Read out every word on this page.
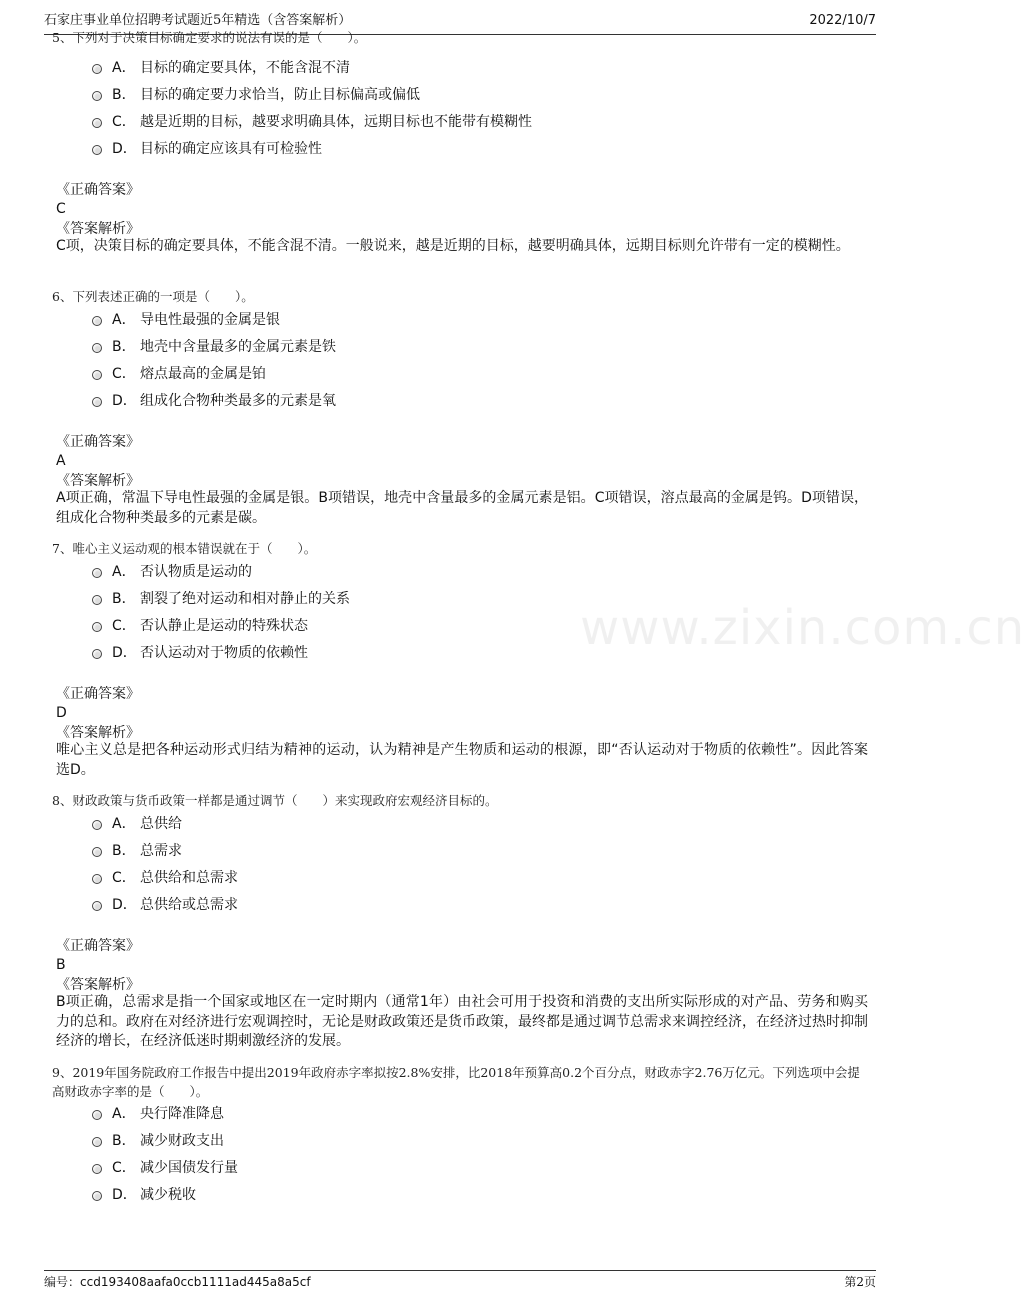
石家庄事业单位招聘考试题近5年精选（含答案解析）	2022/10/7
5、下列对于决策目标确定要求的说法有误的是（　　）。
A． 目标的确定要具体，不能含混不清
B． 目标的确定要力求恰当，防止目标偏高或偏低
C． 越是近期的目标，越要求明确具体，远期目标也不能带有模糊性
D． 目标的确定应该具有可检验性
《正确答案》
C
《答案解析》
C项，决策目标的确定要具体，不能含混不清。一般说来，越是近期的目标，越要明确具体，远期目标则允许带有一定的模糊性。
6、下列表述正确的一项是（　　）。
A． 导电性最强的金属是银
B． 地壳中含量最多的金属元素是铁
C． 熔点最高的金属是铂
D． 组成化合物种类最多的元素是氧
《正确答案》
A
《答案解析》
A项正确，常温下导电性最强的金属是银。B项错误，地壳中含量最多的金属元素是铝。C项错误，溶点最高的金属是钨。D项错误，组成化合物种类最多的元素是碳。
7、唯心主义运动观的根本错误就在于（　　）。
A． 否认物质是运动的
B． 割裂了绝对运动和相对静止的关系
C． 否认静止是运动的特殊状态
D． 否认运动对于物质的依赖性
《正确答案》
D
《答案解析》
唯心主义总是把各种运动形式归结为精神的运动，认为精神是产生物质和运动的根源，即“否认运动对于物质的依赖性”。因此答案选D。
8、财政政策与货币政策一样都是通过调节（　　）来实现政府宏观经济目标的。
A． 总供给
B． 总需求
C． 总供给和总需求
D． 总供给或总需求
《正确答案》
B
《答案解析》
B项正确，总需求是指一个国家或地区在一定时期内（通常1年）由社会可用于投资和消费的支出所实际形成的对产品、劳务和购买力的总和。政府在对经济进行宏观调控时，无论是财政政策还是货币政策，最终都是通过调节总需求来调控经济，在经济过热时抑制经济的增长，在经济低迷时期刺激经济的发展。
9、2019年国务院政府工作报告中提出2019年政府赤字率拟按2.8%安排，比2018年预算高0.2个百分点，财政赤字2.76万亿元。下列选项中会提高财政赤字率的是（　　）。
A． 央行降准降息
B． 减少财政支出
C． 减少国债发行量
D． 减少税收
www.zixin.com.cn
编号：ccd193408aafa0ccb1111ad445a8a5cf	第2页
